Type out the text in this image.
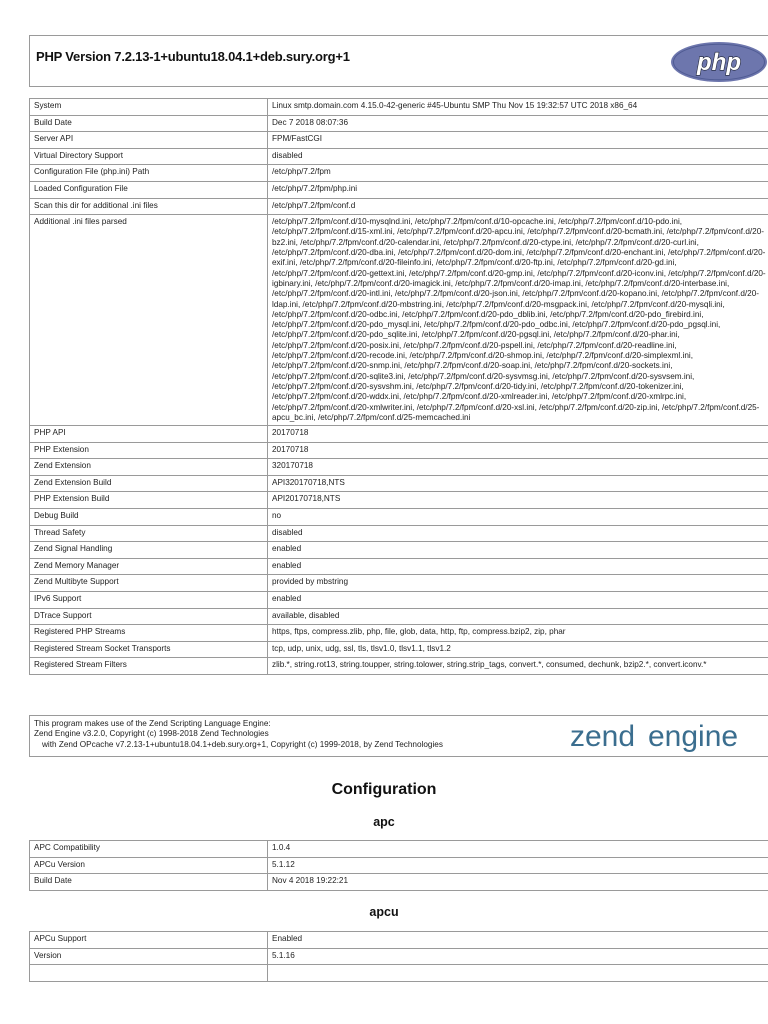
PHP Version 7.2.13-1+ubuntu18.04.1+deb.sury.org+1	php
System	Linux smtp.domain.com 4.15.0-42-generic #45-Ubuntu SMP Thu Nov 15 19:32:57 UTC 2018 x86_64
Build Date	Dec 7 2018 08:07:36
Server API	FPM/FastCGI
Virtual Directory Support	disabled
Configuration File (php.ini) Path	/etc/php/7.2/fpm
Loaded Configuration File	/etc/php/7.2/fpm/php.ini
Scan this dir for additional .ini files	/etc/php/7.2/fpm/conf.d
Additional .ini files parsed	/etc/php/7.2/fpm/conf.d/10-mysqlnd.ini, /etc/php/7.2/fpm/conf.d/10-opcache.ini, /etc/php/7.2/fpm/conf.d/10-pdo.ini, /etc/php/7.2/fpm/conf.d/15-xml.ini, /etc/php/7.2/fpm/conf.d/20-apcu.ini, /etc/php/7.2/fpm/conf.d/20-bcmath.ini, /etc/php/7.2/fpm/conf.d/20-bz2.ini, /etc/php/7.2/fpm/conf.d/20-calendar.ini, /etc/php/7.2/fpm/conf.d/20-ctype.ini, /etc/php/7.2/fpm/conf.d/20-curl.ini, /etc/php/7.2/fpm/conf.d/20-dba.ini, /etc/php/7.2/fpm/conf.d/20-dom.ini, /etc/php/7.2/fpm/conf.d/20-enchant.ini, /etc/php/7.2/fpm/conf.d/20-exif.ini, /etc/php/7.2/fpm/conf.d/20-fileinfo.ini, /etc/php/7.2/fpm/conf.d/20-ftp.ini, /etc/php/7.2/fpm/conf.d/20-gd.ini, /etc/php/7.2/fpm/conf.d/20-gettext.ini, /etc/php/7.2/fpm/conf.d/20-gmp.ini, /etc/php/7.2/fpm/conf.d/20-iconv.ini, /etc/php/7.2/fpm/conf.d/20-igbinary.ini, /etc/php/7.2/fpm/conf.d/20-imagick.ini, /etc/php/7.2/fpm/conf.d/20-imap.ini, /etc/php/7.2/fpm/conf.d/20-interbase.ini, /etc/php/7.2/fpm/conf.d/20-intl.ini, /etc/php/7.2/fpm/conf.d/20-json.ini, /etc/php/7.2/fpm/conf.d/20-kopano.ini, /etc/php/7.2/fpm/conf.d/20-ldap.ini, /etc/php/7.2/fpm/conf.d/20-mbstring.ini, /etc/php/7.2/fpm/conf.d/20-msgpack.ini, /etc/php/7.2/fpm/conf.d/20-mysqli.ini, /etc/php/7.2/fpm/conf.d/20-odbc.ini, /etc/php/7.2/fpm/conf.d/20-pdo_dblib.ini, /etc/php/7.2/fpm/conf.d/20-pdo_firebird.ini, /etc/php/7.2/fpm/conf.d/20-pdo_mysql.ini, /etc/php/7.2/fpm/conf.d/20-pdo_odbc.ini, /etc/php/7.2/fpm/conf.d/20-pdo_pgsql.ini, /etc/php/7.2/fpm/conf.d/20-pdo_sqlite.ini, /etc/php/7.2/fpm/conf.d/20-pgsql.ini, /etc/php/7.2/fpm/conf.d/20-phar.ini, /etc/php/7.2/fpm/conf.d/20-posix.ini, /etc/php/7.2/fpm/conf.d/20-pspell.ini, /etc/php/7.2/fpm/conf.d/20-readline.ini, /etc/php/7.2/fpm/conf.d/20-recode.ini, /etc/php/7.2/fpm/conf.d/20-shmop.ini, /etc/php/7.2/fpm/conf.d/20-simplexml.ini, /etc/php/7.2/fpm/conf.d/20-snmp.ini, /etc/php/7.2/fpm/conf.d/20-soap.ini, /etc/php/7.2/fpm/conf.d/20-sockets.ini, /etc/php/7.2/fpm/conf.d/20-sqlite3.ini, /etc/php/7.2/fpm/conf.d/20-sysvmsg.ini, /etc/php/7.2/fpm/conf.d/20-sysvsem.ini, /etc/php/7.2/fpm/conf.d/20-sysvshm.ini, /etc/php/7.2/fpm/conf.d/20-tidy.ini, /etc/php/7.2/fpm/conf.d/20-tokenizer.ini, /etc/php/7.2/fpm/conf.d/20-wddx.ini, /etc/php/7.2/fpm/conf.d/20-xmlreader.ini, /etc/php/7.2/fpm/conf.d/20-xmlrpc.ini, /etc/php/7.2/fpm/conf.d/20-xmlwriter.ini, /etc/php/7.2/fpm/conf.d/20-xsl.ini, /etc/php/7.2/fpm/conf.d/20-zip.ini, /etc/php/7.2/fpm/conf.d/25-apcu_bc.ini, /etc/php/7.2/fpm/conf.d/25-memcached.ini
PHP API	20170718
PHP Extension	20170718
Zend Extension	320170718
Zend Extension Build	API320170718,NTS
PHP Extension Build	API20170718,NTS
Debug Build	no
Thread Safety	disabled
Zend Signal Handling	enabled
Zend Memory Manager	enabled
Zend Multibyte Support	provided by mbstring
IPv6 Support	enabled
DTrace Support	available, disabled
Registered PHP Streams	https, ftps, compress.zlib, php, file, glob, data, http, ftp, compress.bzip2, zip, phar
Registered Stream Socket Transports	tcp, udp, unix, udg, ssl, tls, tlsv1.0, tlsv1.1, tlsv1.2
Registered Stream Filters	zlib.*, string.rot13, string.toupper, string.tolower, string.strip_tags, convert.*, consumed, dechunk, bzip2.*, convert.iconv.*
This program makes use of the Zend Scripting Language Engine:
Zend Engine v3.2.0, Copyright (c) 1998-2018 Zend Technologies
with Zend OPcache v7.2.13-1+ubuntu18.04.1+deb.sury.org+1, Copyright (c) 1999-2018, by Zend Technologies	zend engine
Configuration
apc
APC Compatibility	1.0.4
APCu Version	5.1.12
Build Date	Nov 4 2018 19:22:21
apcu
APCu Support	Enabled
Version	5.1.16
